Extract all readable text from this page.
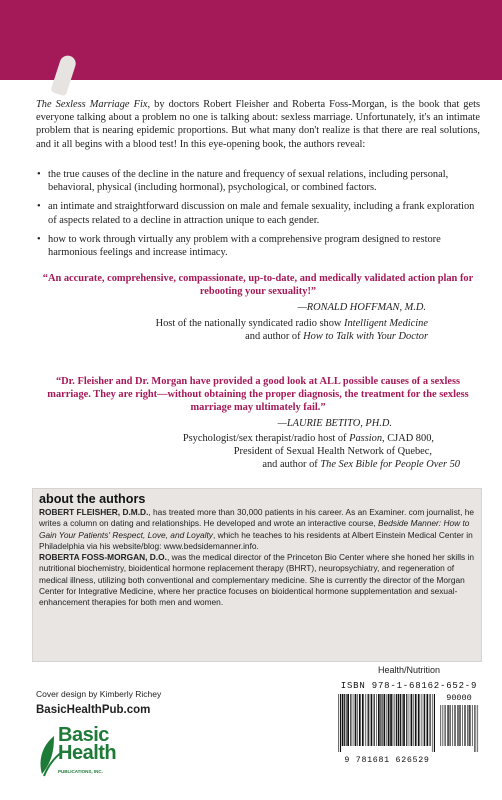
The Sexless Marriage Fix, by doctors Robert Fleisher and Roberta Foss-Morgan, is the book that gets everyone talking about a problem no one is talking about: sexless marriage. Unfortunately, it's an intimate problem that is nearing epidemic proportions. But what many don't realize is that there are real solutions, and it all begins with a blood test! In this eye-opening book, the authors reveal:

• the true causes of the decline in the nature and frequency of sexual relations, including personal, behavioral, physical (including hormonal), psychological, or combined factors.
• an intimate and straightforward discussion on male and female sexuality, including a frank exploration of aspects related to a decline in attraction unique to each gender.
• how to work through virtually any problem with a comprehensive program designed to restore harmonious feelings and increase intimacy.

“An accurate, comprehensive, compassionate, up-to-date, and medically validated action plan for rebooting your sexuality!”

—RONALD HOFFMAN, M.D.

Host of the nationally syndicated radio show Intelligent Medicine

and author of How to Talk with Your Doctor

“Dr. Fleisher and Dr. Morgan have provided a good look at ALL possible causes of a sexless marriage. They are right—without obtaining the proper diagnosis, the treatment for the sexless marriage may ultimately fail.”

—LAURIE BETITO, PH.D.

Psychologist/sex therapist/radio host of Passion, CJAD 800,

President of Sexual Health Network of Quebec,

and author of The Sex Bible for People Over 50

about the authors

ROBERT FLEISHER, D.M.D., has treated more than 30,000 patients in his career. As an Examiner. com journalist, he writes a column on dating and relationships. He developed and wrote an interactive course, Bedside Manner: How to Gain Your Patients' Respect, Love, and Loyalty, which he teaches to his residents at Albert Einstein Medical Center in Philadelphia via his website/blog: www.bedsidemanner.info.

ROBERTA FOSS-MORGAN, D.O., was the medical director of the Princeton Bio Center where she honed her skills in nutritional biochemistry, bioidentical hormone replacement therapy (BHRT), neuropsychiatry, and regeneration of medical illness, utilizing both conventional and complementary medicine. She is currently the director of the Morgan Center for Integrative Medicine, where her practice focuses on bioidentical hormone supplementation and sexual-enhancement therapies for both men and women.

Cover design by Kimberly Richey

BasicHealthPub.com

Basic
Health
PUBLICATIONS, INC.

Health/Nutrition

ISBN 978-1-68162-652-9

90000

9 781681 626529
